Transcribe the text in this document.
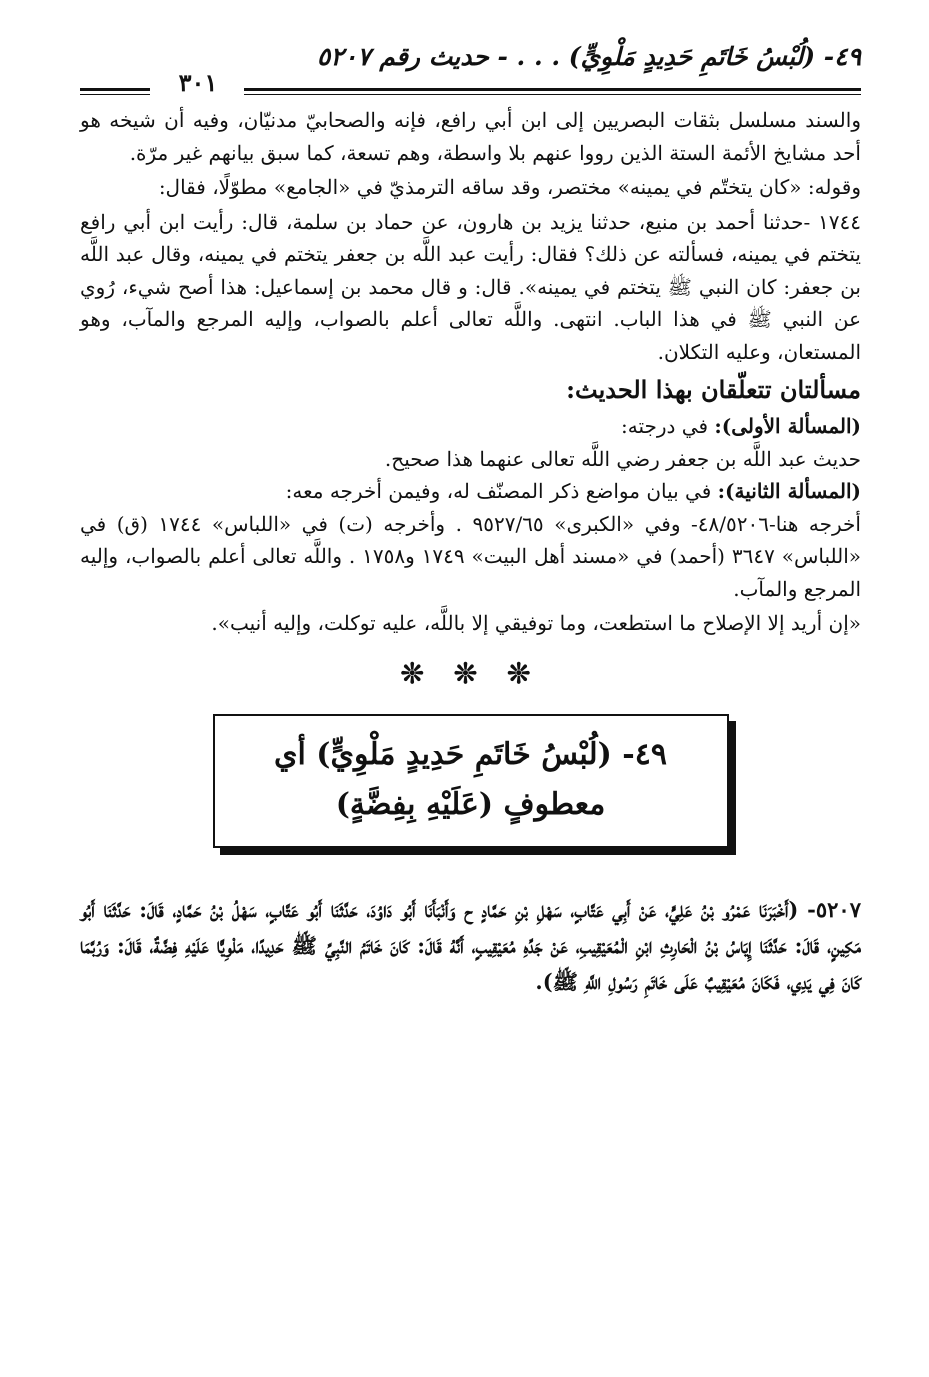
٤٩- (لُبْسُ خَاتَمِ حَدِيدٍ مَلْوِيٍّ) . . . - حديث رقم ٥٢٠٧
٣٠١

والسند مسلسل بثقات البصريين إلى ابن أبي رافع، فإنه والصحابيّ مدنيّان، وفيه أن شيخه هو أحد مشايخ الأئمة الستة الذين رووا عنهم بلا واسطة، وهم تسعة، كما سبق بيانهم غير مرّة.

وقوله: «كان يتختّم في يمينه» مختصر، وقد ساقه الترمذيّ في «الجامع» مطوّلًا، فقال:

١٧٤٤ -حدثنا أحمد بن منيع، حدثنا يزيد بن هارون، عن حماد بن سلمة، قال: رأيت ابن أبي رافع يتختم في يمينه، فسألته عن ذلك؟ فقال: رأيت عبد اللَّه بن جعفر يتختم في يمينه، وقال عبد اللَّه بن جعفر: كان النبي ﷺ يتختم في يمينه». قال: و قال محمد بن إسماعيل: هذا أصح شيء، رُوي عن النبي ﷺ في هذا الباب. انتهى. واللَّه تعالى أعلم بالصواب، وإليه المرجع والمآب، وهو المستعان، وعليه التكلان.

مسألتان تتعلّقان بهذا الحديث:

(المسألة الأولى): في درجته:

حديث عبد اللَّه بن جعفر رضي اللَّه تعالى عنهما هذا صحيح.

(المسألة الثانية): في بيان مواضع ذكر المصنّف له، وفيمن أخرجه معه:

أخرجه هنا-٤٨/٥٢٠٦- وفي «الكبرى» ٩٥٢٧/٦٥ . وأخرجه (ت) في «اللباس» ١٧٤٤ (ق) في «اللباس» ٣٦٤٧ (أحمد) في «مسند أهل البيت» ١٧٤٩ و١٧٥٨ . واللَّه تعالى أعلم بالصواب، وإليه المرجع والمآب.

«إن أريد إلا الإصلاح ما استطعت، وما توفيقي إلا باللَّه، عليه توكلت، وإليه أنيب».

❊ ❊ ❊
٤٩- (لُبْسُ خَاتَمِ حَدِيدٍ مَلْوِيٍّ) أي
معطوفٍ (عَلَيْهِ بِفِضَّةٍ)
٥٢٠٧- (أَخْبَرَنَا عَمْرُو بْنُ عَلِيٍّ، عَنْ أَبِي عَتَّابٍ، سَهْلِ بْنِ حَمَّادٍ ح وَأَنْبَأَنَا أَبُو دَاوُدَ، حَدَّثَنَا أَبُو عَتَّابٍ، سَهْلُ بْنُ حَمَّادٍ، قَالَ: حَدَّثَنَا أَبُو مَكِينٍ، قَالَ: حَدَّثَنَا إِيَاسُ بْنُ الْحَارِثِ ابْنِ الْمُعَيْقِيبِ، عَنْ جَدِّهِ مُعَيْقِيبٍ، أَنَّهُ قَالَ: كَانَ خَاتَمُ النَّبِيِّ ﷺ حَدِيدًا، مَلْوِيًّا عَلَيْهِ فِضَّةٌ، قَالَ: وَرُبَّمَا كَانَ فِي يَدِي، فَكَانَ مُعَيْقِيبٌ عَلَى خَاتَمِ رَسُولِ اللَّهِ ﷺ).
